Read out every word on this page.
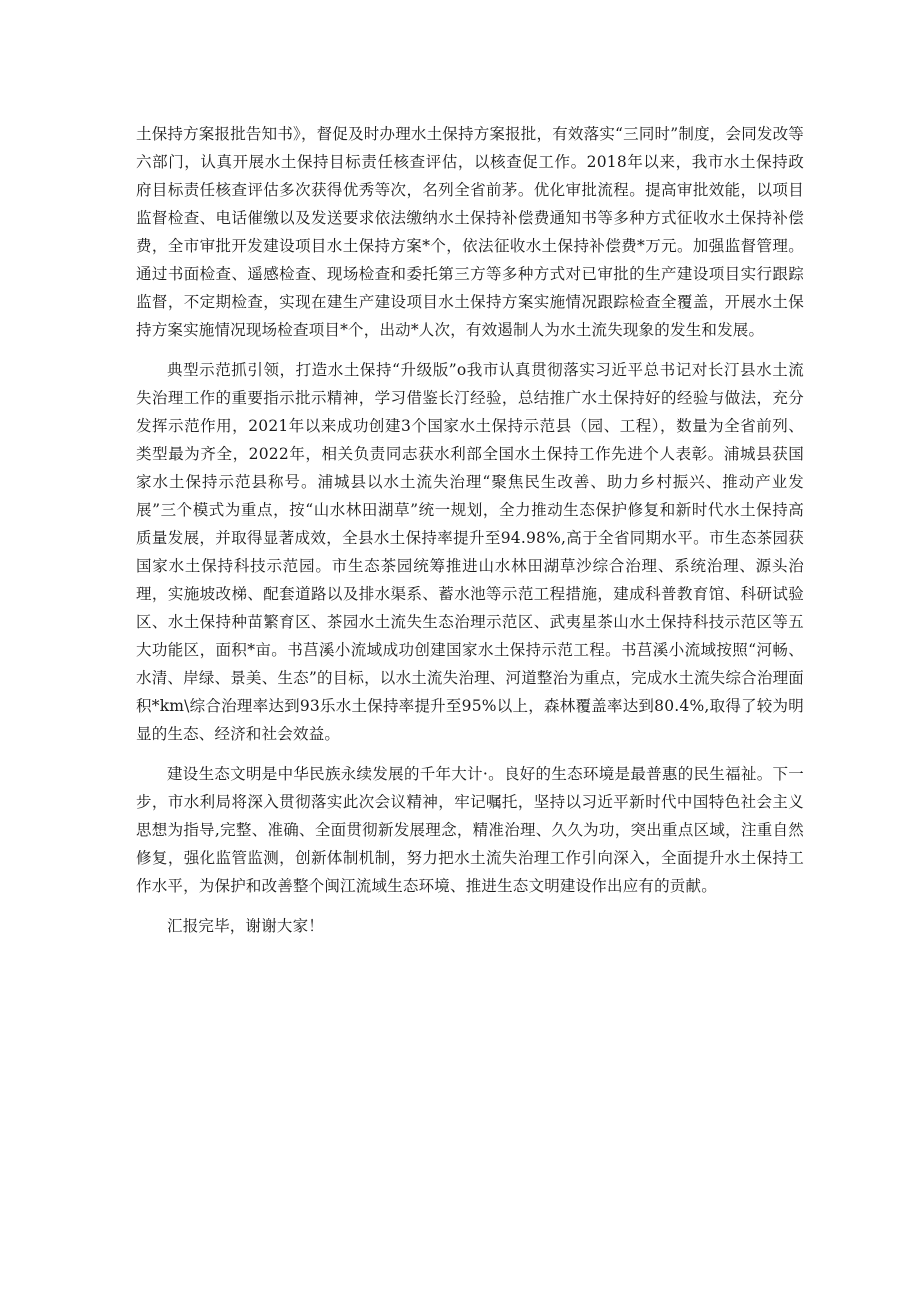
土保持方案报批告知书》，督促及时办理水土保持方案报批，有效落实“三同时”制度，会同发改等六部门，认真开展水土保持目标责任核查评估，以核查促工作。2018年以来，我市水土保持政府目标责任核查评估多次获得优秀等次，名列全省前茅。优化审批流程。提高审批效能，以项目监督检查、电话催缴以及发送要求依法缴纳水土保持补偿费通知书等多种方式征收水土保持补偿费，全市审批开发建设项目水土保持方案*个，依法征收水土保持补偿费*万元。加强监督管理。通过书面检查、遥感检查、现场检查和委托第三方等多种方式对已审批的生产建设项目实行跟踪监督，不定期检查，实现在建生产建设项目水土保持方案实施情况跟踪检查全覆盖，开展水土保持方案实施情况现场检查项目*个，出动*人次，有效遏制人为水土流失现象的发生和发展。

典型示范抓引领，打造水土保持“升级版”o我市认真贯彻落实习近平总书记对长汀县水土流失治理工作的重要指示批示精神，学习借鉴长汀经验，总结推广水土保持好的经验与做法，充分发挥示范作用，2021年以来成功创建3个国家水土保持示范县（园、工程），数量为全省前列、类型最为齐全，2022年，相关负责同志获水利部全国水土保持工作先进个人表彰。浦城县获国家水土保持示范县称号。浦城县以水土流失治理“聚焦民生改善、助力乡村振兴、推动产业发展”三个模式为重点，按“山水林田湖草”统一规划，全力推动生态保护修复和新时代水土保持高质量发展，并取得显著成效，全县水土保持率提升至94.98%,高于全省同期水平。市生态茶园获国家水土保持科技示范园。市生态茶园统筹推进山水林田湖草沙综合治理、系统治理、源头治理，实施坡改梯、配套道路以及排水渠系、蓄水池等示范工程措施，建成科普教育馆、科研试验区、水土保持种苗繁育区、茶园水土流失生态治理示范区、武夷星茶山水土保持科技示范区等五大功能区，面积*亩。书莒溪小流域成功创建国家水土保持示范工程。书莒溪小流域按照“河畅、水清、岸绿、景美、生态”的目标，以水土流失治理、河道整治为重点，完成水土流失综合治理面积*km\综合治理率达到93乐水土保持率提升至95%以上，森林覆盖率达到80.4%,取得了较为明显的生态、经济和社会效益。

建设生态文明是中华民族永续发展的千年大计·。良好的生态环境是最普惠的民生福祉。下一步，市水利局将深入贯彻落实此次会议精神，牢记嘱托，坚持以习近平新时代中国特色社会主义思想为指导,完整、准确、全面贯彻新发展理念，精准治理、久久为功，突出重点区域，注重自然修复，强化监管监测，创新体制机制，努力把水土流失治理工作引向深入，全面提升水土保持工作水平，为保护和改善整个闽江流域生态环境、推进生态文明建设作出应有的贡献。

汇报完毕，谢谢大家！
